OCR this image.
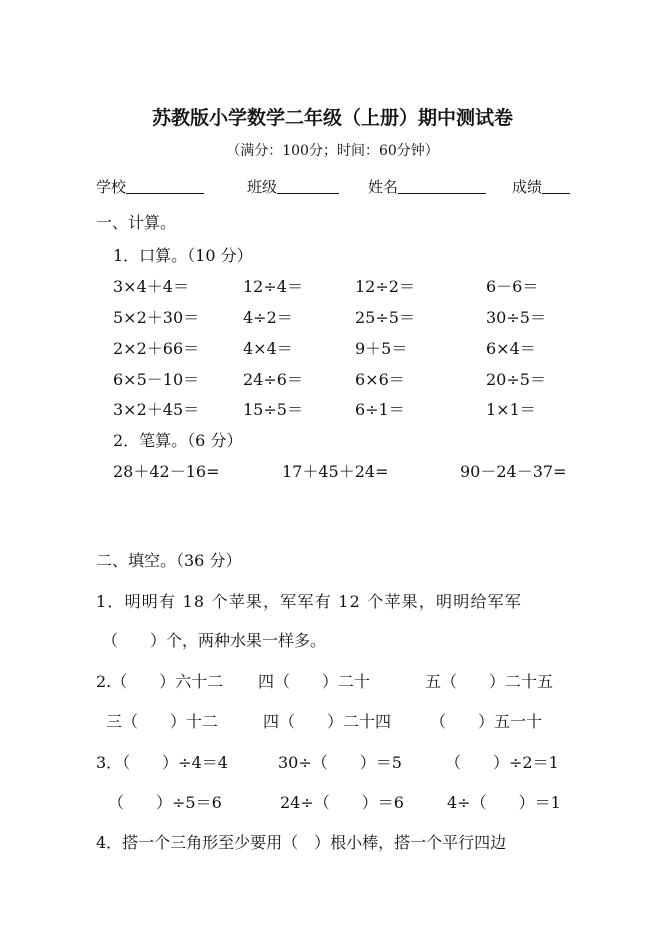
苏教版小学数学二年级（上册）期中测试卷
（满分：100分；时间：60分钟）
学校	班级	姓名	成绩
一、计算。
1．口算。（10 分）
3×4＋4＝	12÷4＝	12÷2＝	6－6＝
5×2＋30＝	4÷2＝	25÷5＝	30÷5＝
2×2＋66＝	4×4＝	9＋5＝	6×4＝
6×5－10＝	24÷6＝	6×6＝	20÷5＝
3×2＋45＝	15÷5＝	6÷1＝	1×1＝
2．笔算。（6 分）
28＋42－16=	17＋45＋24=	90－24－37=
二、填空。（36 分）
1．明明有 18 个苹果，军军有 12 个苹果，明明给军军
（　　）个，两种水果一样多。
2.（　　）六十二 四（　　）二十	五（　　）二十五
三（　　）十二	四（　　）二十四 （　　）五一十
3．（　　）÷4＝4	30÷（　　）＝5	（　　）÷2＝1
（　　）÷5＝6	24÷（　　）＝6	4÷（　　）＝1
4．搭一个三角形至少要用（　）根小棒，搭一个平行四边
